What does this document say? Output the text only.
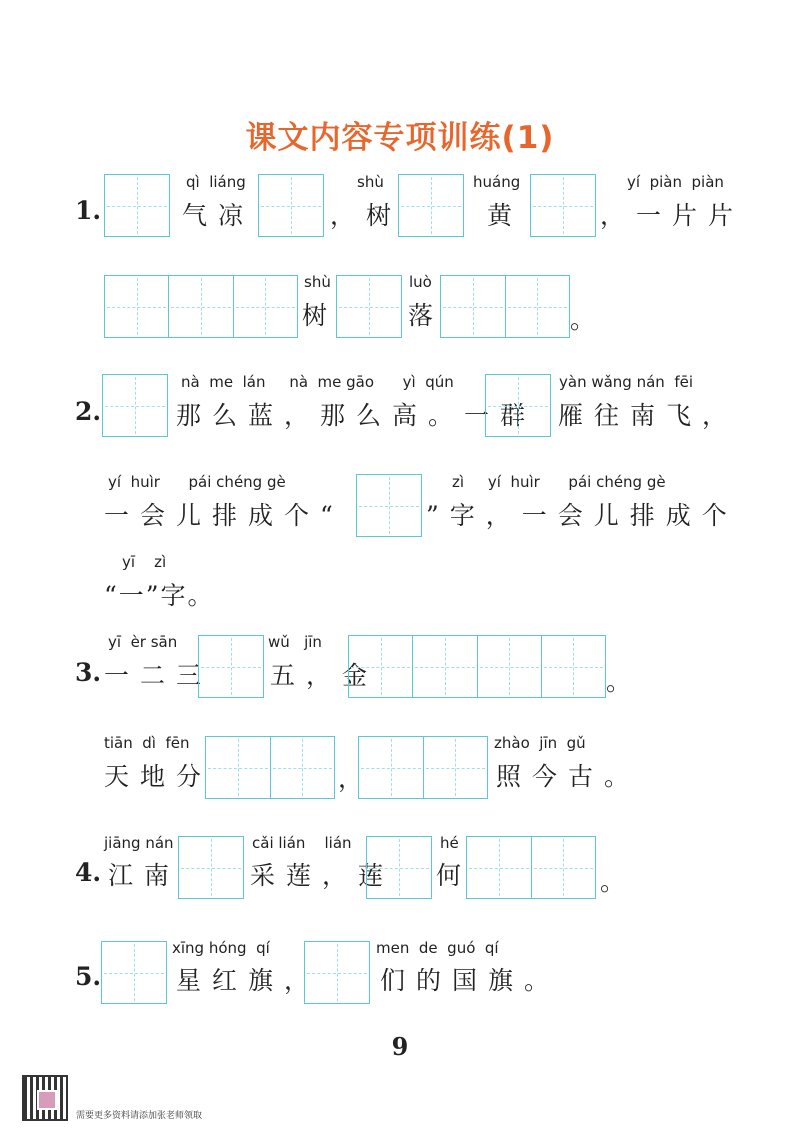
课文内容专项训练(1)
1.
qì  liáng
气凉
shù
，树
huáng
黄
yí  piàn  piàn
，一片片
shù
树
luò
落	。
2.
nà  me  lán     nà  me gāo      yì  qún
那么蓝，那么高。一群
yàn wǎng nán  fēi
雁往南飞，
yí  huìr      pái chéng gè
一会儿排成个“
zì     yí  huìr      pái chéng gè
”字，一会儿排成个
yī    zì
“一”字。
3.
yī  èr sān
一二三
wǔ   jīn
五，金	。
tiān  dì  fēn
天地分	，
zhào  jīn  gǔ
照今古。
4.
jiāng nán
江南
cǎi lián    lián
采莲，莲
hé
何	。
5.
xīng hóng  qí
星红旗，
men  de  guó  qí
们的国旗。
9
需要更多资料请添加张老师领取
